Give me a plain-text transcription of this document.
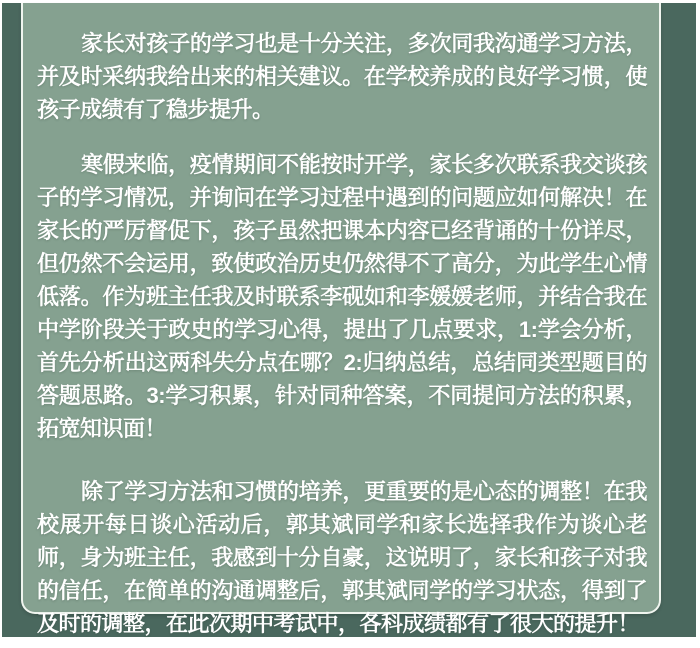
家长对孩子的学习也是十分关注，多次同我沟通学习方法，并及时采纳我给出来的相关建议。在学校养成的良好学习惯，使孩子成绩有了稳步提升。

寒假来临，疫情期间不能按时开学，家长多次联系我交谈孩子的学习情况，并询问在学习过程中遇到的问题应如何解决！在家长的严厉督促下，孩子虽然把课本内容已经背诵的十份详尽，但仍然不会运用，致使政治历史仍然得不了高分，为此学生心情低落。作为班主任我及时联系李砚如和李媛媛老师，并结合我在中学阶段关于政史的学习心得，提出了几点要求，1:学会分析，首先分析出这两科失分点在哪？2:归纳总结，总结同类型题目的答题思路。3:学习积累，针对同种答案，不同提问方法的积累，拓宽知识面！

除了学习方法和习惯的培养，更重要的是心态的调整！在我校展开每日谈心活动后，郭其斌同学和家长选择我作为谈心老师，身为班主任，我感到十分自豪，这说明了，家长和孩子对我的信任，在简单的沟通调整后，郭其斌同学的学习状态，得到了及时的调整，在此次期中考试中，各科成绩都有了很大的提升！
